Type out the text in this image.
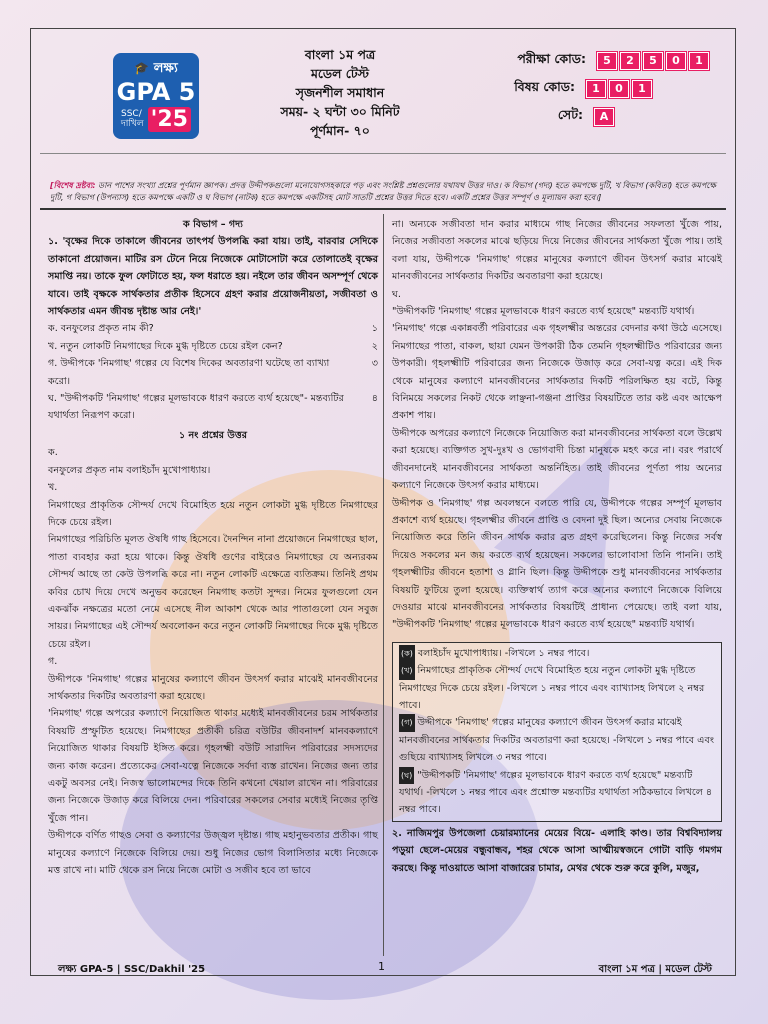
🎓 লক্ষ্য
GPA 5
SSC/
দাখিল '25
বাংলা ১ম পত্র
মডেল টেস্ট
সৃজনশীল সমাধান
সময়- ২ ঘন্টা ৩০ মিনিট
পূর্ণমান- ৭০
পরীক্ষা কোড:	5	2	5	0	1
বিষয় কোড:	1	0	1
সেট:	A
[বিশেষ দ্রষ্টব্য: ডান পাশের সংখ্যা প্রশ্নের পূর্ণমান জ্ঞাপক। প্রদত্ত উদ্দীপকগুলো মনোযোগসহকারে পড় এবং সংশ্লিষ্ট প্রশ্নগুলোর যথাযথ উত্তর দাও। ক বিভাগ (গদ্য) হতে কমপক্ষে দুটি, খ বিভাগ (কবিতা) হতে কমপক্ষে দুটি, গ বিভাগ (উপন্যাস) হতে কমপক্ষে একটি ও ঘ বিভাগ (নাটক) হতে কমপক্ষে একটিসহ মোট সাতটি প্রশ্নের উত্তর দিতে হবে। একটি প্রশ্নের উত্তর সম্পূর্ণ ও মূল্যায়ন করা হবে।]

ক বিভাগ – গদ্য

১. 'বৃক্ষের দিকে তাকালে জীবনের তাৎপর্য উপলব্ধি করা যায়। তাই, বারবার সেদিকে তাকানো প্রয়োজন। মাটির রস টেনে নিয়ে নিজেকে মোটাসোটা করে তোলাতেই বৃক্ষের সমাপ্তি নয়। তাকে ফুল ফোটাতে হয়, ফল ধরাতে হয়। নইলে তার জীবন অসম্পূর্ণ থেকে যাবে। তাই বৃক্ষকে সার্থকতার প্রতীক হিসেবে গ্রহণ করার প্রয়োজনীয়তা, সজীবতা ও সার্থকতার এমন জীবন্ত দৃষ্টান্ত আর নেই।'

ক. বনফুলের প্রকৃত নাম কী?	১
খ. নতুন লোকটি নিমগাছের দিকে মুগ্ধ দৃষ্টিতে চেয়ে রইল কেন?	২
গ. উদ্দীপকে 'নিমগাছ' গল্পের যে বিশেষ দিকের অবতারণা ঘটেছে তা ব্যাখ্যা করো।
৩
ঘ. "উদ্দীপকটি 'নিমগাছ' গল্পের মূলভাবকে ধারণ করতে ব্যর্থ হয়েছে"- মন্তব্যটির যথার্থতা নিরূপণ করো।
৪

১ নং প্রশ্নের উত্তর

ক.

বনফুলের প্রকৃত নাম বলাইচাঁদ মুখোপাধ্যায়।

খ.

নিমগাছের প্রাকৃতিক সৌন্দর্য দেখে বিমোহিত হয়ে নতুন লোকটা মুগ্ধ দৃষ্টিতে নিমগাছের দিকে চেয়ে রইল।

নিমগাছের পরিচিতি মূলত ঔষধি গাছ হিসেবে। দৈনন্দিন নানা প্রয়োজনে নিমগাছের ছাল, পাতা ব্যবহার করা হয়ে থাকে। কিন্তু ঔষধি গুণের বাইরেও নিমগাছের যে অন্যরকম সৌন্দর্য আছে তা কেউ উপলব্ধি করে না। নতুন লোকটি এক্ষেত্রে ব্যতিক্রম। তিনিই প্রথম কবির চোখ দিয়ে দেখে অনুভব করেছেন নিমগাছ কতটা সুন্দর। নিমের ফুলগুলো যেন একঝাঁক নক্ষত্রের মতো নেমে এসেছে নীল আকাশ থেকে আর পাতাগুলো যেন সবুজ সায়র। নিমগাছের এই সৌন্দর্য অবলোকন করে নতুন লোকটি নিমগাছের দিকে মুগ্ধ দৃষ্টিতে চেয়ে রইল।

গ.

উদ্দীপকে 'নিমগাছ' গল্পের মানুষের কল্যাণে জীবন উৎসর্গ করার মাঝেই মানবজীবনের সার্থকতার দিকটির অবতারণা করা হয়েছে।

'নিমগাছ' গল্পে অপরের কল্যাণে নিয়োজিত থাকার মধ্যেই মানবজীবনের চরম সার্থকতার বিষয়টি প্রস্ফুটিত হয়েছে। নিমগাছের প্রতীকী চরিত্র বউটির জীবনাদর্শ মানবকল্যাণে নিয়োজিত থাকার বিষয়টি ইঙ্গিত করে। গৃহলক্ষ্মী বউটি সারাদিন পরিবারের সদস্যদের জন্য কাজ করেন। প্রত্যেকের সেবা-যত্নে নিজেকে সর্বদা ব্যস্ত রাখেন। নিজের জন্য তার একটু অবসর নেই। নিজস্ব ভালোমন্দের দিকে তিনি কখনো খেয়াল রাখেন না। পরিবারের জন্য নিজেকে উজাড় করে বিলিয়ে দেন। পরিবারের সকলের সেবার মধ্যেই নিজের তৃপ্তি খুঁজে পান।

উদ্দীপকে বর্ণিত গাছও সেবা ও কল্যাণের উজ্জ্বল দৃষ্টান্ত। গাছ মহানুভবতার প্রতীক। গাছ মানুষের কল্যাণে নিজেকে বিলিয়ে দেয়। শুধু নিজের ভোগ বিলাসিতার মধ্যে নিজেকে মত্ত রাখে না। মাটি থেকে রস নিয়ে নিজে মোটা ও সজীব হবে তা ভাবে

না। অন্যকে সজীবতা দান করার মাধ্যমে গাছ নিজের জীবনের সফলতা খুঁজে পায়, নিজের সজীবতা সকলের মাঝে ছড়িয়ে দিয়ে নিজের জীবনের সার্থকতা খুঁজে পায়। তাই বলা যায়, উদ্দীপকে 'নিমগাছ' গল্পের মানুষের কল্যাণে জীবন উৎসর্গ করার মাঝেই মানবজীবনের সার্থকতার দিকটির অবতারণা করা হয়েছে।

ঘ.

"উদ্দীপকটি 'নিমগাছ' গল্পের মূলভাবকে ধারণ করতে ব্যর্থ হয়েছে" মন্তব্যটি যথার্থ।

'নিমগাছ' গল্পে একান্নবর্তী পরিবারের এক গৃহলক্ষ্মীর অন্তরের বেদনার কথা উঠে এসেছে। নিমগাছের পাতা, বাকল, ছায়া যেমন উপকারী ঠিক তেমনি গৃহলক্ষ্মীটিও পরিবারের জন্য উপকারী। গৃহলক্ষ্মীটি পরিবারের জন্য নিজেকে উজাড় করে সেবা-যত্ন করে। এই দিক থেকে মানুষের কল্যাণে মানবজীবনের সার্থকতার দিকটি পরিলক্ষিত হয় বটে, কিন্তু বিনিময়ে সকলের নিকট থেকে লাঞ্ছনা-গঞ্জনা প্রাপ্তির বিষয়টিতে তার কষ্ট এবং আক্ষেপ প্রকাশ পায়।

উদ্দীপকে অপরের কল্যাণে নিজেকে নিয়োজিত করা মানবজীবনের সার্থকতা বলে উল্লেখ করা হয়েছে। ব্যক্তিগত সুখ-দুঃখ ও ভোগবাদী চিন্তা মানুষকে মহৎ করে না। বরং পরার্থে জীবনদানেই মানবজীবনের সার্থকতা অন্তর্নিহিত। তাই জীবনের পূর্ণতা পায় অন্যের কল্যাণে নিজেকে উৎসর্গ করার মাধ্যমে।

উদ্দীপক ও 'নিমগাছ' গল্প অবলম্বনে বলতে পারি যে, উদ্দীপকে গল্পের সম্পূর্ণ মূলভাব প্রকাশে ব্যর্থ হয়েছে। গৃহলক্ষ্মীর জীবনে প্রাপ্তি ও বেদনা দুই ছিল। অন্যের সেবায় নিজেকে নিয়োজিত করে তিনি জীবন সার্থক করার ব্রত গ্রহণ করেছিলেন। কিন্তু নিজের সর্বস্ব দিয়েও সকলের মন জয় করতে ব্যর্থ হয়েছেন। সকলের ভালোবাসা তিনি পাননি। তাই গৃহলক্ষ্মীটির জীবনে হতাশা ও গ্লানি ছিল। কিন্তু উদ্দীপকে শুধু মানবজীবনের সার্থকতার বিষয়টি ফুটিয়ে তুলা হয়েছে। ব্যক্তিস্বার্থ ত্যাগ করে অন্যের কল্যাণে নিজেকে বিলিয়ে দেওয়ার মাঝে মানবজীবনের সার্থকতার বিষয়টিই প্রাধান্য পেয়েছে। তাই বলা যায়, "উদ্দীপকটি 'নিমগাছ' গল্পের মূলভাবকে ধারণ করতে ব্যর্থ হয়েছে" মন্তব্যটি যথার্থ।

(ক) বলাইচাঁদ মুখোপাধ্যায়। -লিখলে ১ নম্বর পাবে।

(খ) নিমগাছের প্রাকৃতিক সৌন্দর্য দেখে বিমোহিত হয়ে নতুন লোকটা মুগ্ধ দৃষ্টিতে নিমগাছের দিকে চেয়ে রইল। -লিখলে ১ নম্বর পাবে এবং ব্যাখ্যাসহ লিখলে ২ নম্বর পাবে।

(গ) উদ্দীপকে 'নিমগাছ' গল্পের মানুষের কল্যাণে জীবন উৎসর্গ করার মাঝেই মানবজীবনের সার্থকতার দিকটির অবতারণা করা হয়েছে। -লিখলে ১ নম্বর পাবে এবং গুছিয়ে ব্যাখ্যাসহ লিখলে ৩ নম্বর পাবে।

(ঘ) "উদ্দীপকটি 'নিমগাছ' গল্পের মূলভাবকে ধারণ করতে ব্যর্থ হয়েছে" মন্তব্যটি যথার্থ। -লিখলে ১ নম্বর পাবে এবং প্রশ্নোক্ত মন্তব্যটির যথার্থতা সঠিকভাবে লিখলে ৪ নম্বর পাবে।

২. নাজিমপুর উপজেলা চেয়ারম্যানের মেয়ের বিয়ে- এলাহি কাণ্ড। তার বিশ্ববিদ্যালয় পড়ুয়া ছেলে-মেয়ের বন্ধুবান্ধব, শহর থেকে আসা আত্মীয়স্বজনে গোটা বাড়ি গমগম করছে। কিন্তু দাওয়াতে আসা বাজারের চামার, মেথর থেকে শুরু করে কুলি, মজুর,

লক্ষ্য GPA-5 | SSC/Dakhil '25	1	বাংলা ১ম পত্র | মডেল টেস্ট
